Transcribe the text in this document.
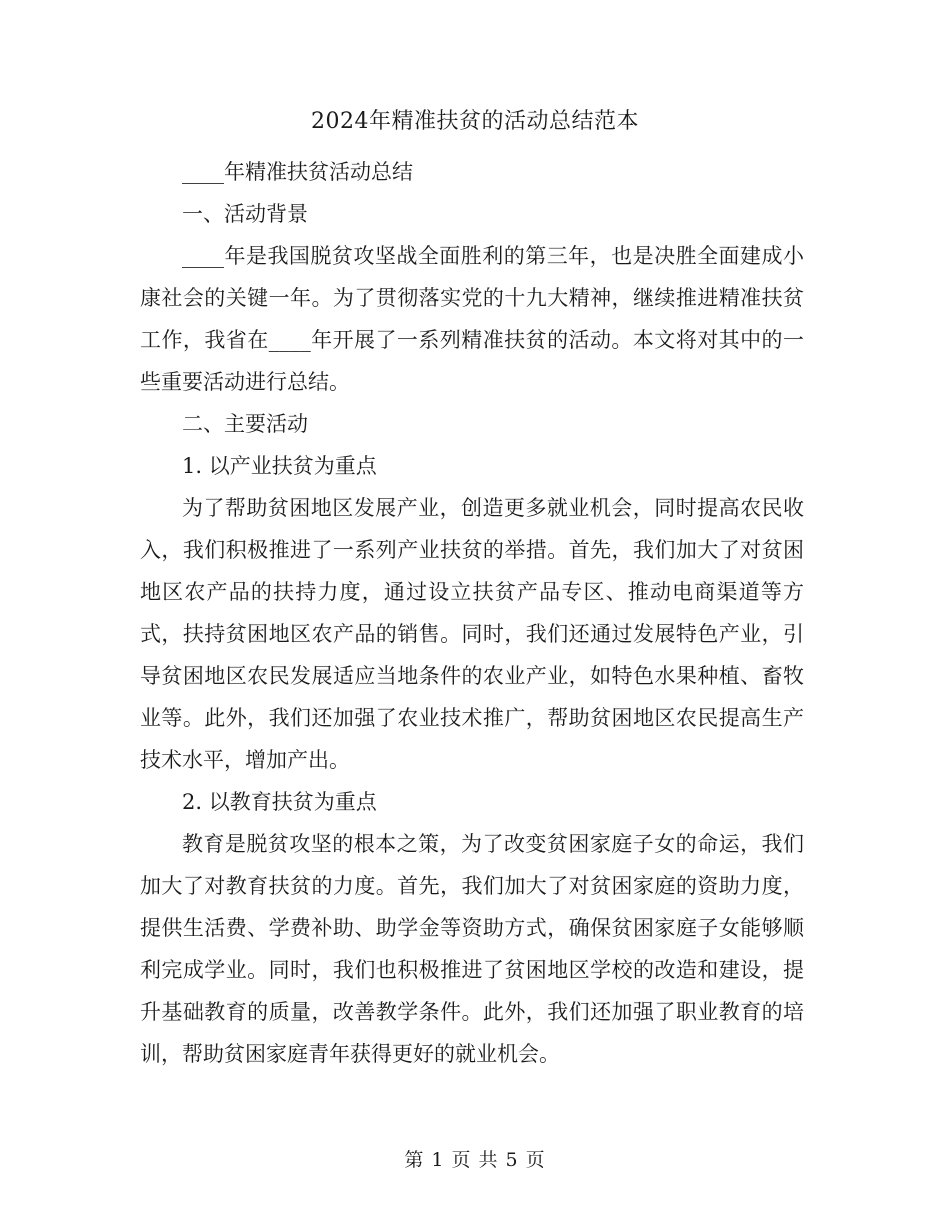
2024年精准扶贫的活动总结范本

____年精准扶贫活动总结

一、活动背景

____年是我国脱贫攻坚战全面胜利的第三年，也是决胜全面建成小康社会的关键一年。为了贯彻落实党的十九大精神，继续推进精准扶贫工作，我省在____年开展了一系列精准扶贫的活动。本文将对其中的一些重要活动进行总结。

二、主要活动

1. 以产业扶贫为重点

为了帮助贫困地区发展产业，创造更多就业机会，同时提高农民收入，我们积极推进了一系列产业扶贫的举措。首先，我们加大了对贫困地区农产品的扶持力度，通过设立扶贫产品专区、推动电商渠道等方式，扶持贫困地区农产品的销售。同时，我们还通过发展特色产业，引导贫困地区农民发展适应当地条件的农业产业，如特色水果种植、畜牧业等。此外，我们还加强了农业技术推广，帮助贫困地区农民提高生产技术水平，增加产出。

2. 以教育扶贫为重点

教育是脱贫攻坚的根本之策，为了改变贫困家庭子女的命运，我们加大了对教育扶贫的力度。首先，我们加大了对贫困家庭的资助力度，提供生活费、学费补助、助学金等资助方式，确保贫困家庭子女能够顺利完成学业。同时，我们也积极推进了贫困地区学校的改造和建设，提升基础教育的质量，改善教学条件。此外，我们还加强了职业教育的培训，帮助贫困家庭青年获得更好的就业机会。

第 1 页 共 5 页
